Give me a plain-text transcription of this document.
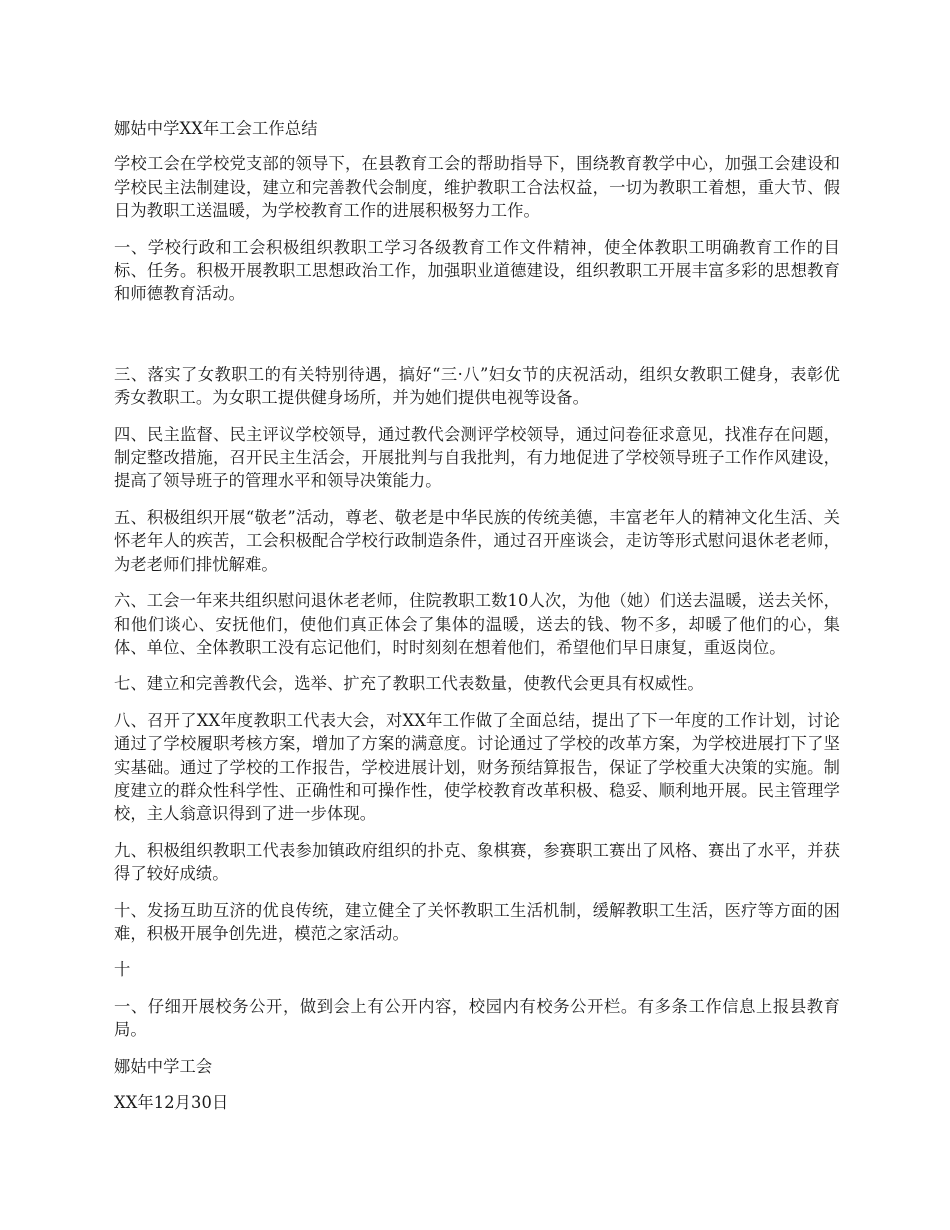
娜姑中学XX年工会工作总结

学校工会在学校党支部的领导下，在县教育工会的帮助指导下，围绕教育教学中心，加强工会建设和学校民主法制建设，建立和完善教代会制度，维护教职工合法权益，一切为教职工着想，重大节、假日为教职工送温暖，为学校教育工作的进展积极努力工作。

一、学校行政和工会积极组织教职工学习各级教育工作文件精神，使全体教职工明确教育工作的目标、任务。积极开展教职工思想政治工作，加强职业道德建设，组织教职工开展丰富多彩的思想教育和师德教育活动。

三、落实了女教职工的有关特别待遇，搞好“三·八”妇女节的庆祝活动，组织女教职工健身，表彰优秀女教职工。为女职工提供健身场所，并为她们提供电视等设备。

四、民主监督、民主评议学校领导，通过教代会测评学校领导，通过问卷征求意见，找准存在问题，制定整改措施，召开民主生活会，开展批判与自我批判，有力地促进了学校领导班子工作作风建设，提高了领导班子的管理水平和领导决策能力。

五、积极组织开展“敬老”活动，尊老、敬老是中华民族的传统美德，丰富老年人的精神文化生活、关怀老年人的疾苦，工会积极配合学校行政制造条件，通过召开座谈会，走访等形式慰问退休老老师，为老老师们排忧解难。

六、工会一年来共组织慰问退休老老师，住院教职工数10人次，为他（她）们送去温暖，送去关怀，和他们谈心、安抚他们，使他们真正体会了集体的温暖，送去的钱、物不多，却暖了他们的心，集体、单位、全体教职工没有忘记他们，时时刻刻在想着他们，希望他们早日康复，重返岗位。

七、建立和完善教代会，选举、扩充了教职工代表数量，使教代会更具有权威性。

八、召开了XX年度教职工代表大会，对XX年工作做了全面总结，提出了下一年度的工作计划，讨论通过了学校履职考核方案，增加了方案的满意度。讨论通过了学校的改革方案，为学校进展打下了坚实基础。通过了学校的工作报告，学校进展计划，财务预结算报告，保证了学校重大决策的实施。制度建立的群众性科学性、正确性和可操作性，使学校教育改革积极、稳妥、顺利地开展。民主管理学校，主人翁意识得到了进一步体现。

九、积极组织教职工代表参加镇政府组织的扑克、象棋赛，参赛职工赛出了风格、赛出了水平，并获得了较好成绩。

十、发扬互助互济的优良传统，建立健全了关怀教职工生活机制，缓解教职工生活，医疗等方面的困难，积极开展争创先进，模范之家活动。

十

一、仔细开展校务公开，做到会上有公开内容，校园内有校务公开栏。有多条工作信息上报县教育局。

娜姑中学工会

XX年12月30日
